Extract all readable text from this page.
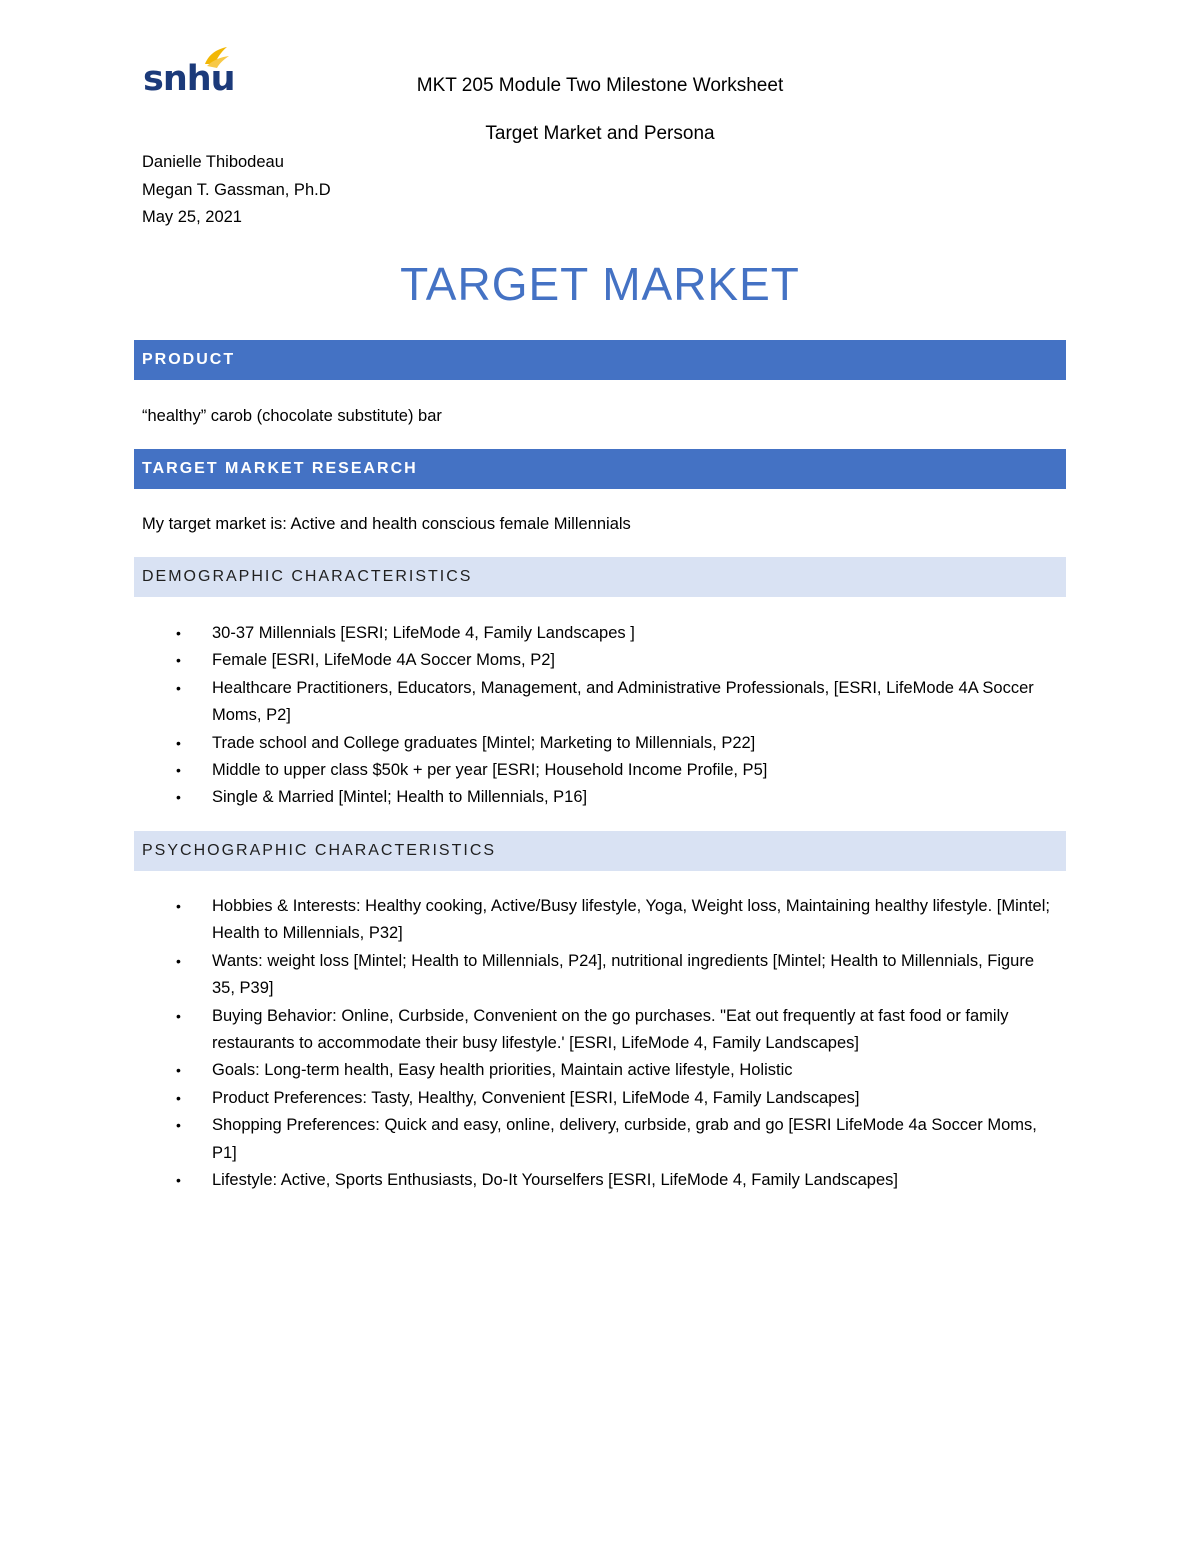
snhu	MKT 205 Module Two Milestone Worksheet
Target Market and Persona
Danielle Thibodeau
Megan T. Gassman, Ph.D
May 25, 2021
TARGET MARKET
PRODUCT
“healthy” carob (chocolate substitute) bar
TARGET MARKET RESEARCH
My target market is: Active and health conscious female Millennials
DEMOGRAPHIC CHARACTERISTICS
• 30-37 Millennials [ESRI; LifeMode 4, Family Landscapes ]
• Female [ESRI, LifeMode 4A Soccer Moms, P2]
• Healthcare Practitioners, Educators, Management, and Administrative Professionals, [ESRI, LifeMode 4A Soccer Moms, P2]
• Trade school and College graduates [Mintel; Marketing to Millennials, P22]
• Middle to upper class $50k + per year [ESRI; Household Income Profile, P5]
• Single & Married [Mintel; Health to Millennials, P16]
PSYCHOGRAPHIC CHARACTERISTICS
• Hobbies & Interests: Healthy cooking, Active/Busy lifestyle, Yoga, Weight loss, Maintaining healthy lifestyle. [Mintel; Health to Millennials, P32]
• Wants: weight loss [Mintel; Health to Millennials, P24], nutritional ingredients [Mintel; Health to Millennials, Figure 35, P39]
• Buying Behavior: Online, Curbside, Convenient on the go purchases. "Eat out frequently at fast food or family restaurants to accommodate their busy lifestyle.' [ESRI, LifeMode 4, Family Landscapes]
• Goals: Long-term health, Easy health priorities, Maintain active lifestyle, Holistic
• Product Preferences: Tasty, Healthy, Convenient [ESRI, LifeMode 4, Family Landscapes]
• Shopping Preferences: Quick and easy, online, delivery, curbside, grab and go [ESRI LifeMode 4a Soccer Moms, P1]
• Lifestyle: Active, Sports Enthusiasts, Do-It Yourselfers [ESRI, LifeMode 4, Family Landscapes]
